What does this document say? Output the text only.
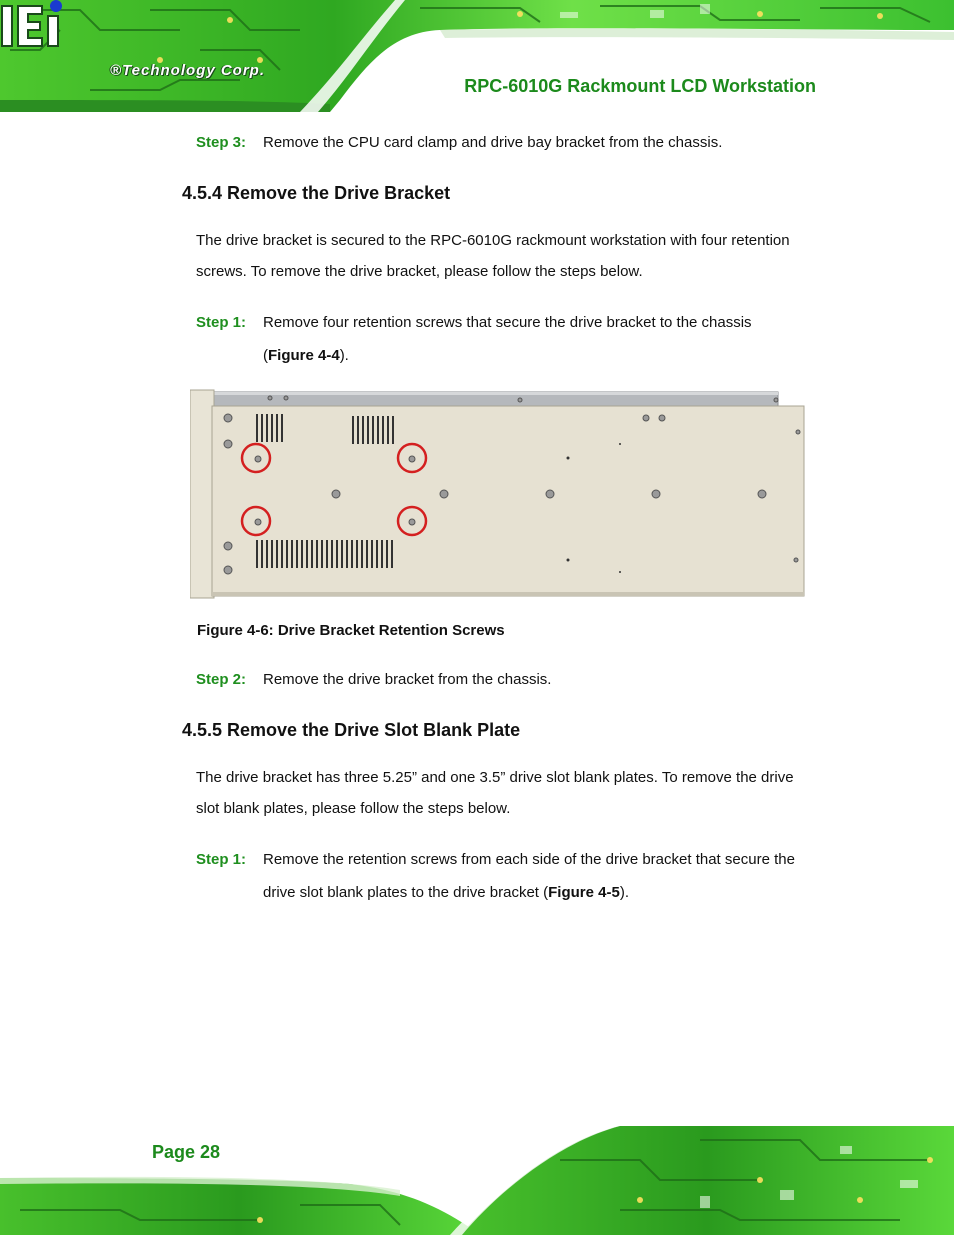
®Technology Corp.
RPC-6010G Rackmount LCD Workstation
Step 3: Remove the CPU card clamp and drive bay bracket from the chassis.
4.5.4 Remove the Drive Bracket
The drive bracket is secured to the RPC-6010G rackmount workstation with four retention
screws. To remove the drive bracket, please follow the steps below.
Step 1: Remove four retention screws that secure the drive bracket to the chassis
(Figure 4-4).
Figure 4-6: Drive Bracket Retention Screws
Step 2: Remove the drive bracket from the chassis.
4.5.5 Remove the Drive Slot Blank Plate
The drive bracket has three 5.25” and one 3.5” drive slot blank plates. To remove the drive
slot blank plates, please follow the steps below.
Step 1: Remove the retention screws from each side of the drive bracket that secure the
drive slot blank plates to the drive bracket (Figure 4-5).
Page 28
